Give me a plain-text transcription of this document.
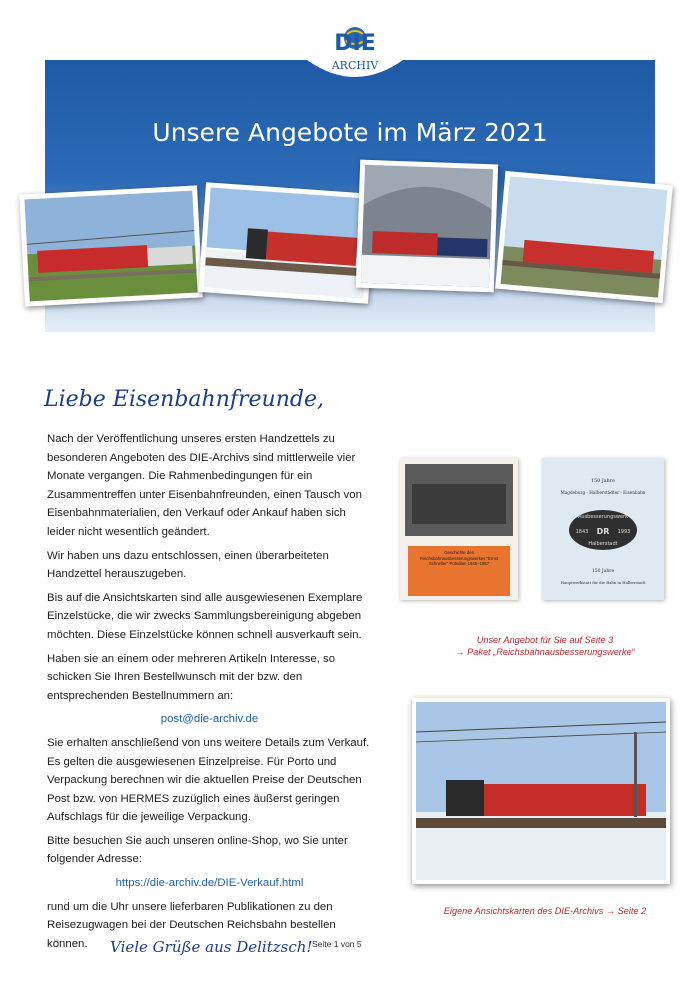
DIE
ARCHIV
Unsere Angebote im März 2021
Liebe Eisenbahnfreunde,

Nach der Veröffentlichung unseres ersten Handzettels zu besonderen Angeboten des DIE-Archivs sind mittlerweile vier Monate vergangen. Die Rahmenbedingungen für ein Zusammentreffen unter Eisenbahnfreunden, einen Tausch von Eisenbahnmaterialien, den Verkauf oder Ankauf haben sich leider nicht wesentlich geändert.

Wir haben uns dazu entschlossen, einen überarbeiteten Handzettel herauszugeben.

Bis auf die Ansichtskarten sind alle ausgewiesenen Exemplare Einzelstücke, die wir zwecks Sammlungsbereinigung abgeben möchten. Diese Einzelstücke können schnell ausverkauft sein.

Haben sie an einem oder mehreren Artikeln Interesse, so schicken Sie Ihren Bestellwunsch mit der bzw. den entsprechenden Bestellnummern an:

post@die-archiv.de

Sie erhalten anschließend von uns weitere Details zum Verkauf. Es gelten die ausgewiesenen Einzelpreise. Für Porto und Verpackung berechnen wir die aktuellen Preise der Deutschen Post bzw. von HERMES zuzüglich eines äußerst geringen Aufschlags für die jeweilige Verpackung.

Bitte besuchen Sie auch unseren online-Shop, wo Sie unter folgender Adresse:

https://die-archiv.de/DIE-Verkauf.html

rund um die Uhr unsere lieferbaren Publikationen zu den Reisezugwagen bei der Deutschen Reichsbahn bestellen können.

Geschichte des Reichsbahnausbesserungswerkes "Ernst Schneller" Potsdam 1945–1957
150 Jahre
Magdeburg - Halberstädter - Eisenbahn
Ausbesserungswerk
1843 DR 1993
Halberstadt
150 Jahre
Hauptwerkstatt für die Bahn in Halberstadt
Unser Angebot für Sie auf Seite 3
→ Paket „Reichsbahnausbesserungswerke“
Eigene Ansichtskarten des DIE-Archivs → Seite 2
Viele Grüße aus Delitzsch! Seite 1 von 5
